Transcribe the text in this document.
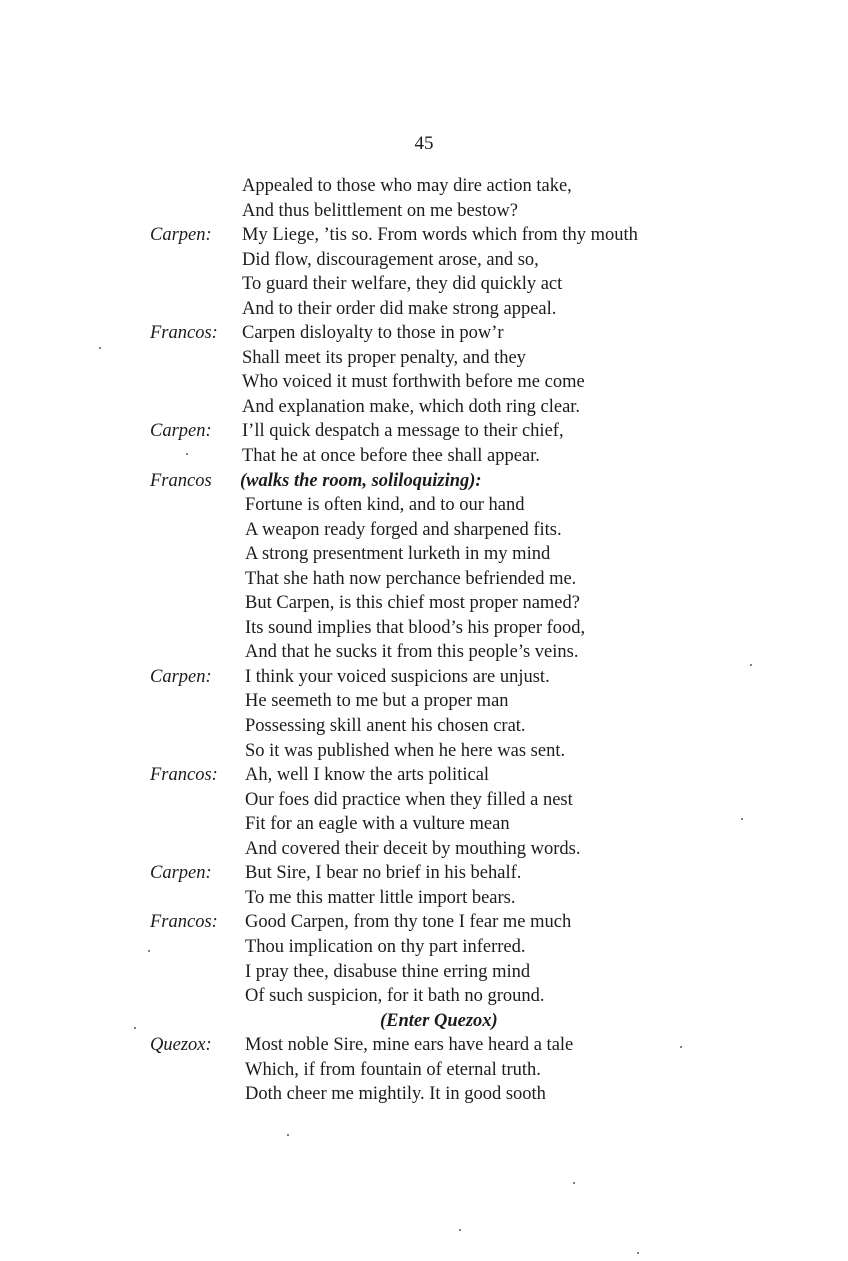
45
Appealed to those who may dire action take,
And thus belittlement on me bestow?
Carpen: My Liege, ’tis so. From words which from thy mouth
Did flow, discouragement arose, and so,
To guard their welfare, they did quickly act
And to their order did make strong appeal.
Francos: Carpen disloyalty to those in pow’r
Shall meet its proper penalty, and they
Who voiced it must forthwith before me come
And explanation make, which doth ring clear.
Carpen: I’ll quick despatch a message to their chief,
That he at once before thee shall appear.
Francos (walks the room, soliloquizing):
Fortune is often kind, and to our hand
A weapon ready forged and sharpened fits.
A strong presentment lurketh in my mind
That she hath now perchance befriended me.
But Carpen, is this chief most proper named?
Its sound implies that blood’s his proper food,
And that he sucks it from this people’s veins.
Carpen: I think your voiced suspicions are unjust.
He seemeth to me but a proper man
Possessing skill anent his chosen crat.
So it was published when he here was sent.
Francos: Ah, well I know the arts political
Our foes did practice when they filled a nest
Fit for an eagle with a vulture mean
And covered their deceit by mouthing words.
Carpen: But Sire, I bear no brief in his behalf.
To me this matter little import bears.
Francos: Good Carpen, from thy tone I fear me much
Thou implication on thy part inferred.
I pray thee, disabuse thine erring mind
Of such suspicion, for it bath no ground.
(Enter Quezox)
Quezox: Most noble Sire, mine ears have heard a tale
Which, if from fountain of eternal truth.
Doth cheer me mightily. It in good sooth
